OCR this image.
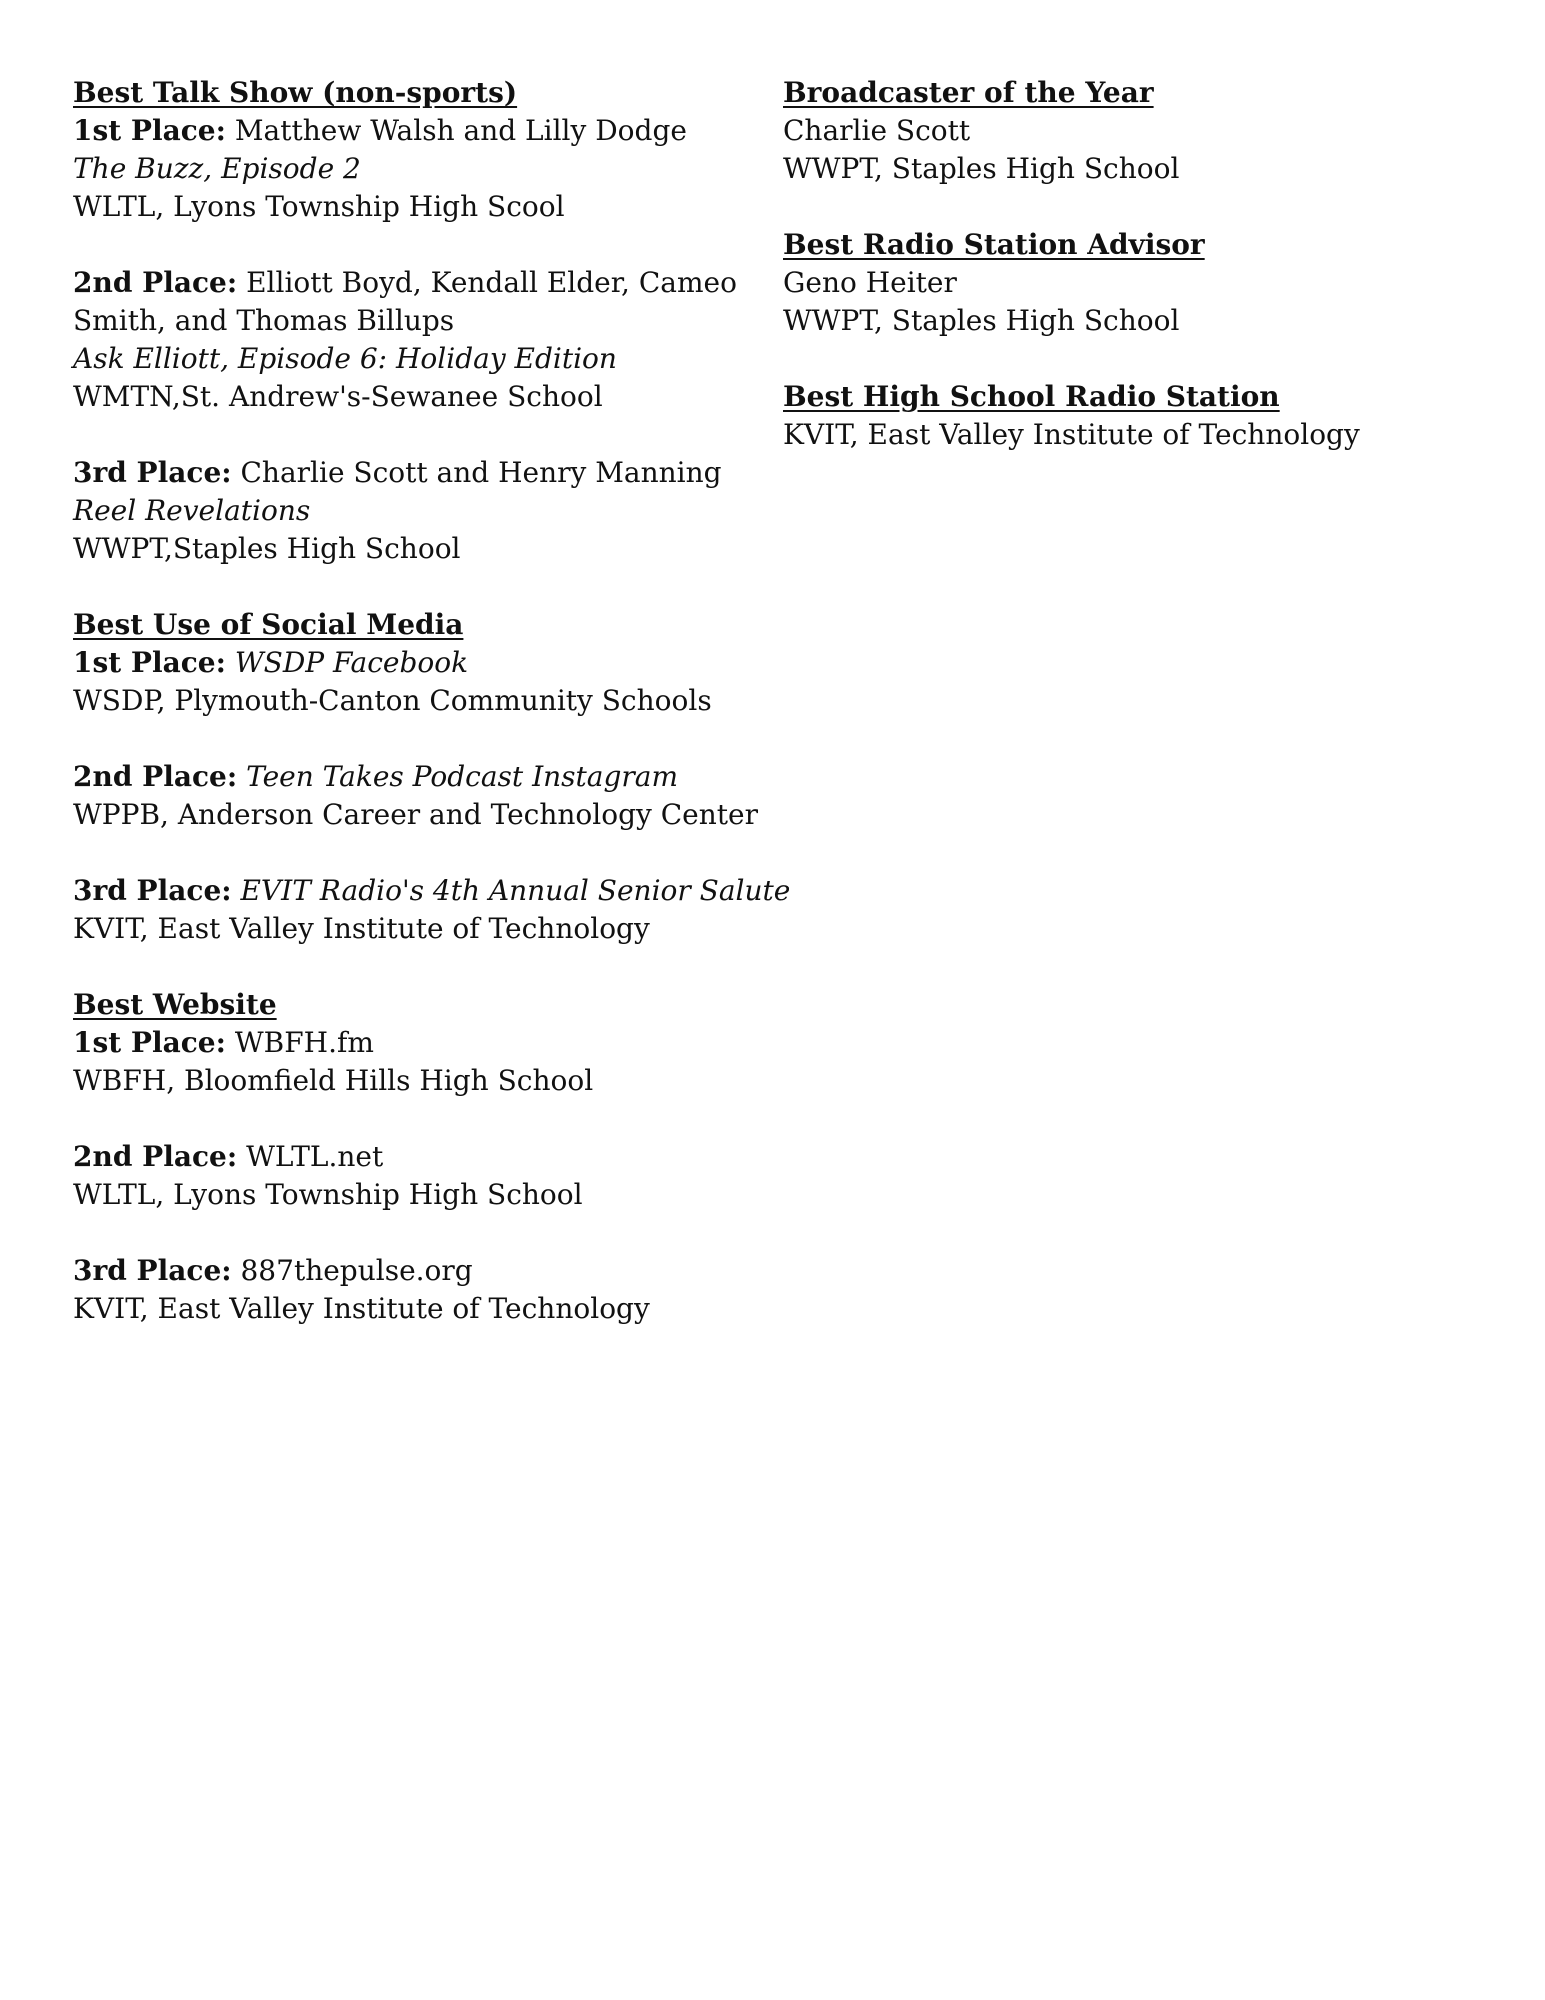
Best Talk Show (non-sports)
1st Place: Matthew Walsh and Lilly Dodge
The Buzz, Episode 2
WLTL, Lyons Township High Scool
2nd Place: Elliott Boyd, Kendall Elder, Cameo Smith, and Thomas Billups
Ask Elliott, Episode 6: Holiday Edition
WMTN,St. Andrew's-Sewanee School
3rd Place: Charlie Scott and Henry Manning
Reel Revelations
WWPT,Staples High School
Best Use of Social Media
1st Place: WSDP Facebook
WSDP, Plymouth-Canton Community Schools
2nd Place: Teen Takes Podcast Instagram
WPPB, Anderson Career and Technology Center
3rd Place: EVIT Radio's 4th Annual Senior Salute
KVIT, East Valley Institute of Technology
Best Website
1st Place: WBFH.fm
WBFH, Bloomfield Hills High School
2nd Place: WLTL.net
WLTL, Lyons Township High School
3rd Place: 887thepulse.org
KVIT, East Valley Institute of Technology
Broadcaster of the Year
Charlie Scott
WWPT, Staples High School
Best Radio Station Advisor
Geno Heiter
WWPT, Staples High School
Best High School Radio Station
KVIT, East Valley Institute of Technology
